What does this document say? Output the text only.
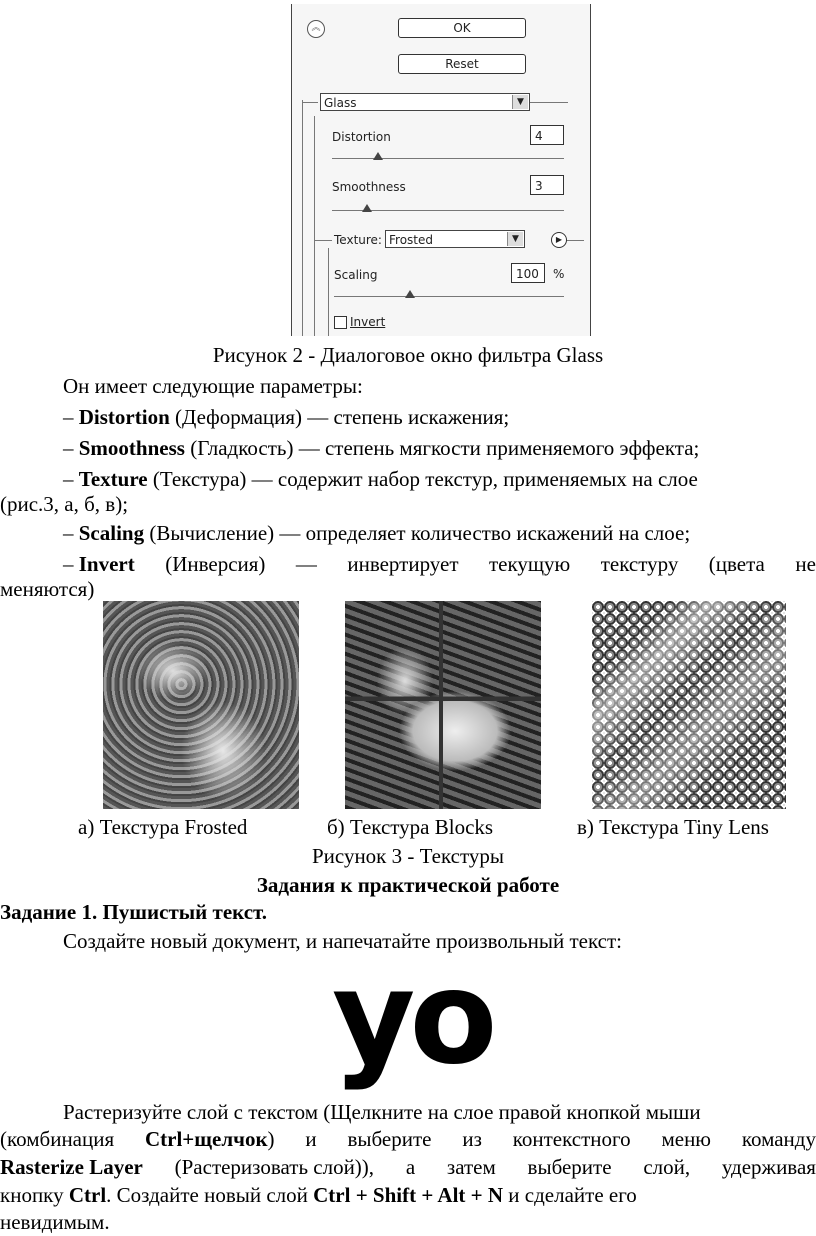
︽	OK
Reset
Glass	▼
Distortion	4
Smoothness	3
Texture: Frosted	▼	▶
Scaling	100	%
Invert
Рисунок 2 - Диалоговое окно фильтра Glass
Он имеет следующие параметры:
– Distortion (Деформация) — степень искажения;
– Smoothness (Гладкость) — степень мягкости применяемого эффекта;
– Texture (Текстура) — содержит набор текстур, применяемых на слое
(рис.3, а, б, в);
– Scaling (Вычисление) — определяет количество искажений на слое;
– Invert (Инверсия) — инвертирует текущую текстуру (цвета не
меняются)
а) Текстура Frosted	б) Текстура Blocks	в) Текстура Tiny Lens
Рисунок 3 - Текстуры
Задания к практической работе
Задание 1. Пушистый текст.
Создайте новый документ, и напечатайте произвольный текст:
yo
Растеризуйте слой с текстом (Щелкните на слое правой кнопкой мыши
(комбинация Ctrl+щелчок) и выберите из контекстного меню команду
Rasterize Layer (Растеризовать слой)), а затем выберите слой, удерживая
кнопку Ctrl. Создайте новый слой Ctrl + Shift + Alt + N и сделайте его
невидимым.
